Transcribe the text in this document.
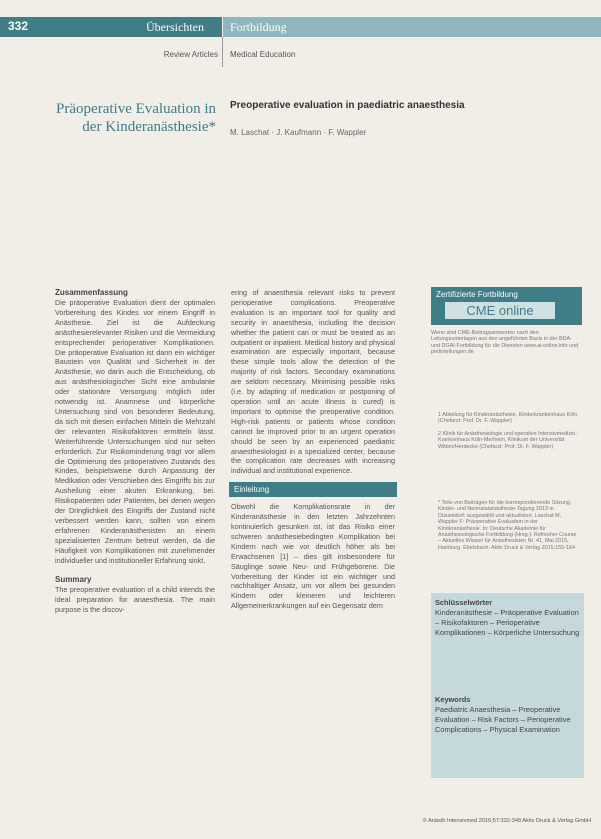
332	Übersichten Fortbildung
Review Articles Medical Education
Präoperative Evaluation in der Kinderanästhesie*
Preoperative evaluation in paediatric anaesthesia
M. Laschat · J. Kaufmann · F. Wappler
Zusammenfassung

Die präoperative Evaluation dient der optimalen Vorbereitung des Kindes vor einem Eingriff in Anästhesie. Ziel ist die Aufdeckung anästhesierelevanter Risiken und die Vermeidung entsprechender perioperativer Komplikationen. Die präoperative Evaluation ist dann ein wichtiger Baustein von Qualität und Sicherheit in der Anästhesie, wo darin auch die Entscheidung, ob aus anästhesiologischer Sicht eine ambulante oder stationäre Versorgung möglich oder notwendig ist. Anamnese und körperliche Untersuchung sind von besonderer Bedeutung, da sich mit diesen einfachen Mitteln die Mehrzahl der relevanten Risikofaktoren ermitteln lässt. Weiterführende Untersuchungen sind nur selten erforderlich. Zur Risikominderung trägt vor allem die Optimierung des präoperativen Zustands des Kindes, beispielsweise durch Anpassung der Medikation oder Verschieben des Eingriffs bis zur Ausheilung einer akuten Erkrankung, bei. Risikopatienten oder Patienten, bei denen wegen der Dringlichkeit des Eingriffs der Zustand nicht verbessert werden kann, sollten von einem erfahrenen Kinderanästhesisten an einem spezialisierten Zentrum betreut werden, da die Häufigkeit von Komplikationen mit zunehmender individueller und institutioneller Erfahrung sinkt.

Summary

The preoperative evaluation of a child intends the ideal preparation for anaesthesia. The main purpose is the discov-

ering of anaesthesia relevant risks to prevent perioperative complications. Preoperative evaluation is an important tool for quality and security in anaesthesia, including the decision whether the patient can or must be treated as an outpatient or inpatient. Medical history and physical examination are especially important, because these simple tools allow the detection of the majority of risk factors. Secondary examinations are seldom necessary. Minimising possible risks (i.e. by adapting of medication or postponing of operation until an acute illness is cured) is important to optimise the preoperative condition. High-risk patients or patients whose condition cannot be improved prior to an urgent operation should be seen by an experienced paediatric anaesthesiologist in a specialized center, because the complication rate decreases with increasing individual and institutional experience.

Einleitung

Obwohl die Komplikationsrate in der Kinderanästhesie in den letzten Jahrzehnten kontinuierlich gesunken ist, ist das Risiko einer schweren anästhesiebedingten Komplikation bei Kindern nach wie vor deutlich höher als bei Erwachsenen [1] – dies gilt insbesondere für Säuglinge sowie Neu- und Frühgeborene. Die Vorbereitung der Kinder ist ein wichtiger und nachhaltiger Ansatz, um vor allem bei gesunden Kindern oder kleineren und leichteren Allgemeinerkrankungen auf ein Gegensatz dem

Zertifizierte Fortbildung
CME online
Wenn sind CME-Beitragsantworten nach den Leitungsunterlagen aus den angeführten Basis in der BDA- und DGAI-Fortbildung für die Diensten www.ai-online.info und pedintellungen.de

1 Abteilung für Kinderanästhesie, Kinderkrankenhaus Köln (Chefarzt: Prof. Dr. F. Wappler)

2 Klinik für Anästhesiologie und operative Intensivmedizin, Krankenhaus Köln-Merheim, Klinikum der Universität Witten/Herdecke (Chefarzt: Prof. Dr. F. Wappler)

* Teile von Beiträgen für die korrespondierende Sitzung, Kinder- und Neonatalanästhesie-Tagung 2013 in Düsseldorf; ausgewählt und aktualisiert. Laschat M, Wappler F: Präoperative Evaluation in der Kinderanästhesie. In: Deutsche Akademie für Anästhesiologische Fortbildung (Hrsg.): Refresher Course – Aktuelles Wissen für Anästhesisten Nr. 41, Mai 2015, Hamburg. Ebelsbach: Aktiv Druck & Verlag 2015:155-164
Schlüsselwörter
Kinderanästhesie – Präoperative Evaluation – Risikofaktoren – Perioperative Komplikationen – Körperliche Untersuchung
Keywords
Paediatric Anaesthesia – Preoperative Evaluation – Risk Factors – Perioperative Complications – Physical Examination
© Anästh Intensivmed 2016;57:332-348 Aktiv Druck & Verlag GmbH
